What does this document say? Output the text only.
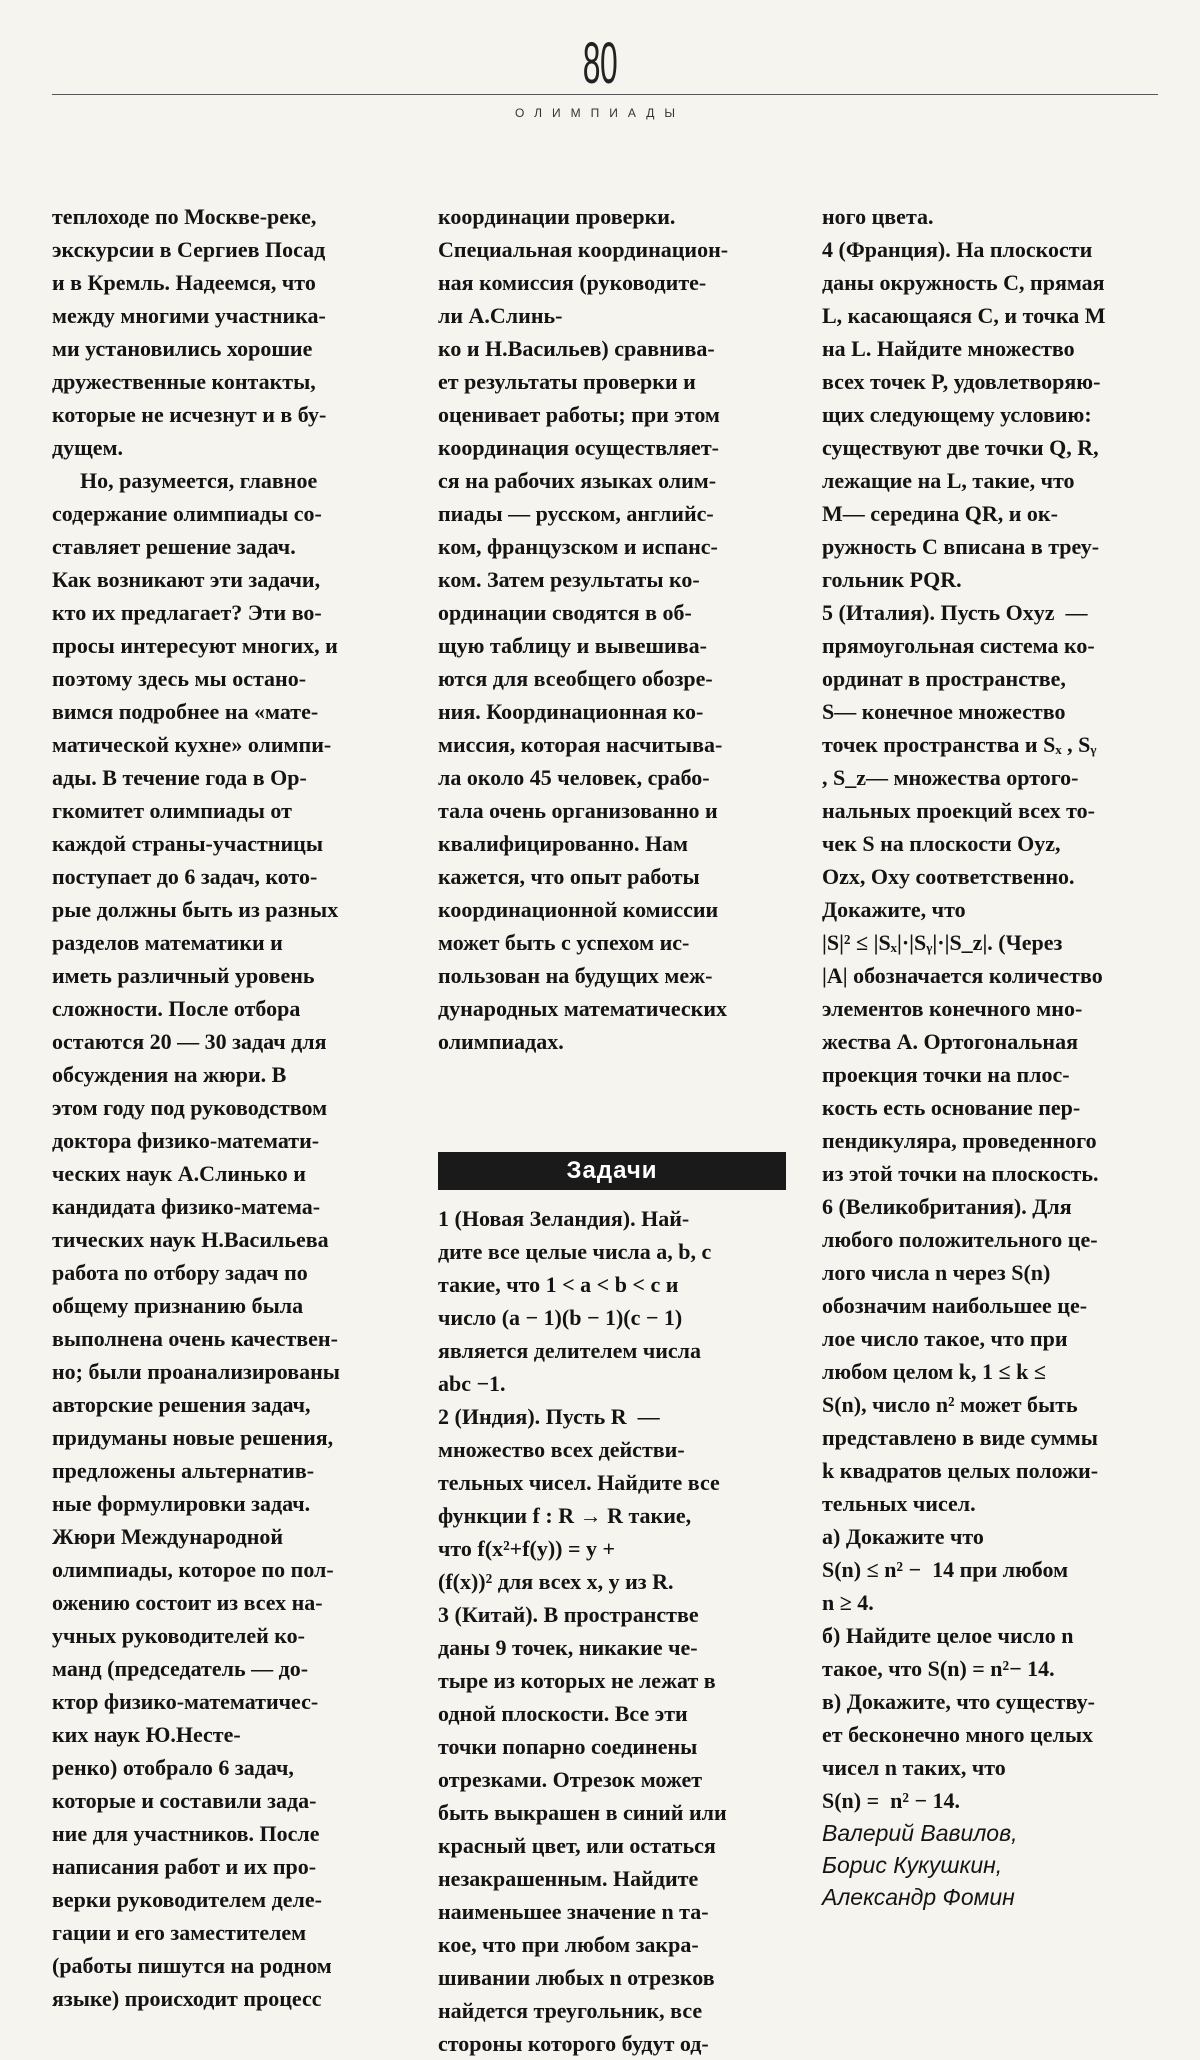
80
ОЛИМПИАДЫ

теплоходе по Москве-реке,
экскурсии в Сергиев Посад
и в Кремль. Надеемся, что
между многими участника-
ми установились хорошие
дружественные контакты,
которые не исчезнут и в бу-
дущем.

Но, разумеется, главное
содержание олимпиады со-
ставляет решение задач.
Как возникают эти задачи,
кто их предлагает? Эти во-
просы интересуют многих, и
поэтому здесь мы остано-
вимся подробнее на «мате-
матической кухне» олимпи-
ады. В течение года в Ор-
гкомитет олимпиады от
каждой страны-участницы
поступает до 6 задач, кото-
рые должны быть из разных
разделов математики и
иметь различный уровень
сложности. После отбора
остаются 20 — 30 задач для
обсуждения на жюри. В
этом году под руководством
доктора физико-математи-
ческих наук А.Слинько и
кандидата физико-матема-
тических наук Н.Васильева
работа по отбору задач по
общему признанию была
выполнена очень качествен-
но; были проанализированы
авторские решения задач,
придуманы новые решения,
предложены альтернатив-
ные формулировки задач.
Жюри Международной
олимпиады, которое по пол-
ожению состоит из всех на-
учных руководителей ко-
манд (председатель — до-
ктор физико-математичес-
ких наук Ю.Несте-
ренко) отобрало 6 задач,
которые и составили зада-
ние для участников. После
написания работ и их про-
верки руководителем деле-
гации и его заместителем
(работы пишутся на родном
языке) происходит процесс

координации проверки.
Специальная координацион-
ная комиссия (руководите-
ли А.Слинь-
ко и Н.Васильев) сравнива-
ет результаты проверки и
оценивает работы; при этом
координация осуществляет-
ся на рабочих языках олим-
пиады — русском, английс-
ком, французском и испанс-
ком. Затем результаты ко-
ординации сводятся в об-
щую таблицу и вывешива-
ются для всеобщего обозре-
ния. Координационная ко-
миссия, которая насчитыва-
ла около 45 человек, срабо-
тала очень организованно и
квалифицированно. Нам
кажется, что опыт работы
координационной комиссии
может быть с успехом ис-
пользован на будущих меж-
дународных математических
олимпиадах.

Задачи

1 (Новая Зеландия). Най-
дите все целые числа a, b, c
такие, что 1 < a < b < c и
число (a − 1)(b − 1)(c − 1)
является делителем числа
abc −1.

2 (Индия). Пусть R  —
множество всех действи-
тельных чисел. Найдите все
функции f : R → R такие,
что f(x²+f(y)) = y +
(f(x))² для всех x, y из R.

3 (Китай). В пространстве
даны 9 точек, никакие че-
тыре из которых не лежат в
одной плоскости. Все эти
точки попарно соединены
отрезками. Отрезок может
быть выкрашен в синий или
красный цвет, или остаться
незакрашенным. Найдите
наименьшее значение n та-
кое, что при любом закра-
шивании любых n отрезков
найдется треугольник, все
стороны которого будут од-

ного цвета.

4 (Франция). На плоскости
даны окружность C, прямая
L, касающаяся C, и точка M
на L. Найдите множество
всех точек P, удовлетворяю-
щих следующему условию:
существуют две точки Q, R,
лежащие на L, такие, что
M— середина QR, и ок-
ружность C вписана в треу-
гольник PQR.

5 (Италия). Пусть Oxyz  —
прямоугольная система ко-
ординат в пространстве,
S— конечное множество
точек пространства и Sₓ , Sᵧ
, S_z— множества ортого-
нальных проекций всех то-
чек S на плоскости Oyz,
Ozx, Oxy соответственно.
Докажите, что

|S|² ≤ |Sₓ|·|Sᵧ|·|S_z|. (Через

|A| обозначается количество
элементов конечного мно-
жества A. Ортогональная
проекция точки на плос-
кость есть основание пер-
пендикуляра, проведенного
из этой точки на плоскость.

6 (Великобритания). Для
любого положительного це-
лого числа n через S(n)
обозначим наибольшее це-
лое число такое, что при
любом целом k, 1 ≤ k ≤
S(n), число n² может быть
представлено в виде суммы
k квадратов целых положи-
тельных чисел.
а) Докажите что
S(n) ≤ n² −  14 при любом
n ≥ 4.
б) Найдите целое число n
такое, что S(n) = n²− 14.
в) Докажите, что существу-
ет бесконечно много целых
чисел n таких, что
S(n) =  n² − 14.

Валерий Вавилов,
Борис Кукушкин,
Александр Фомин
